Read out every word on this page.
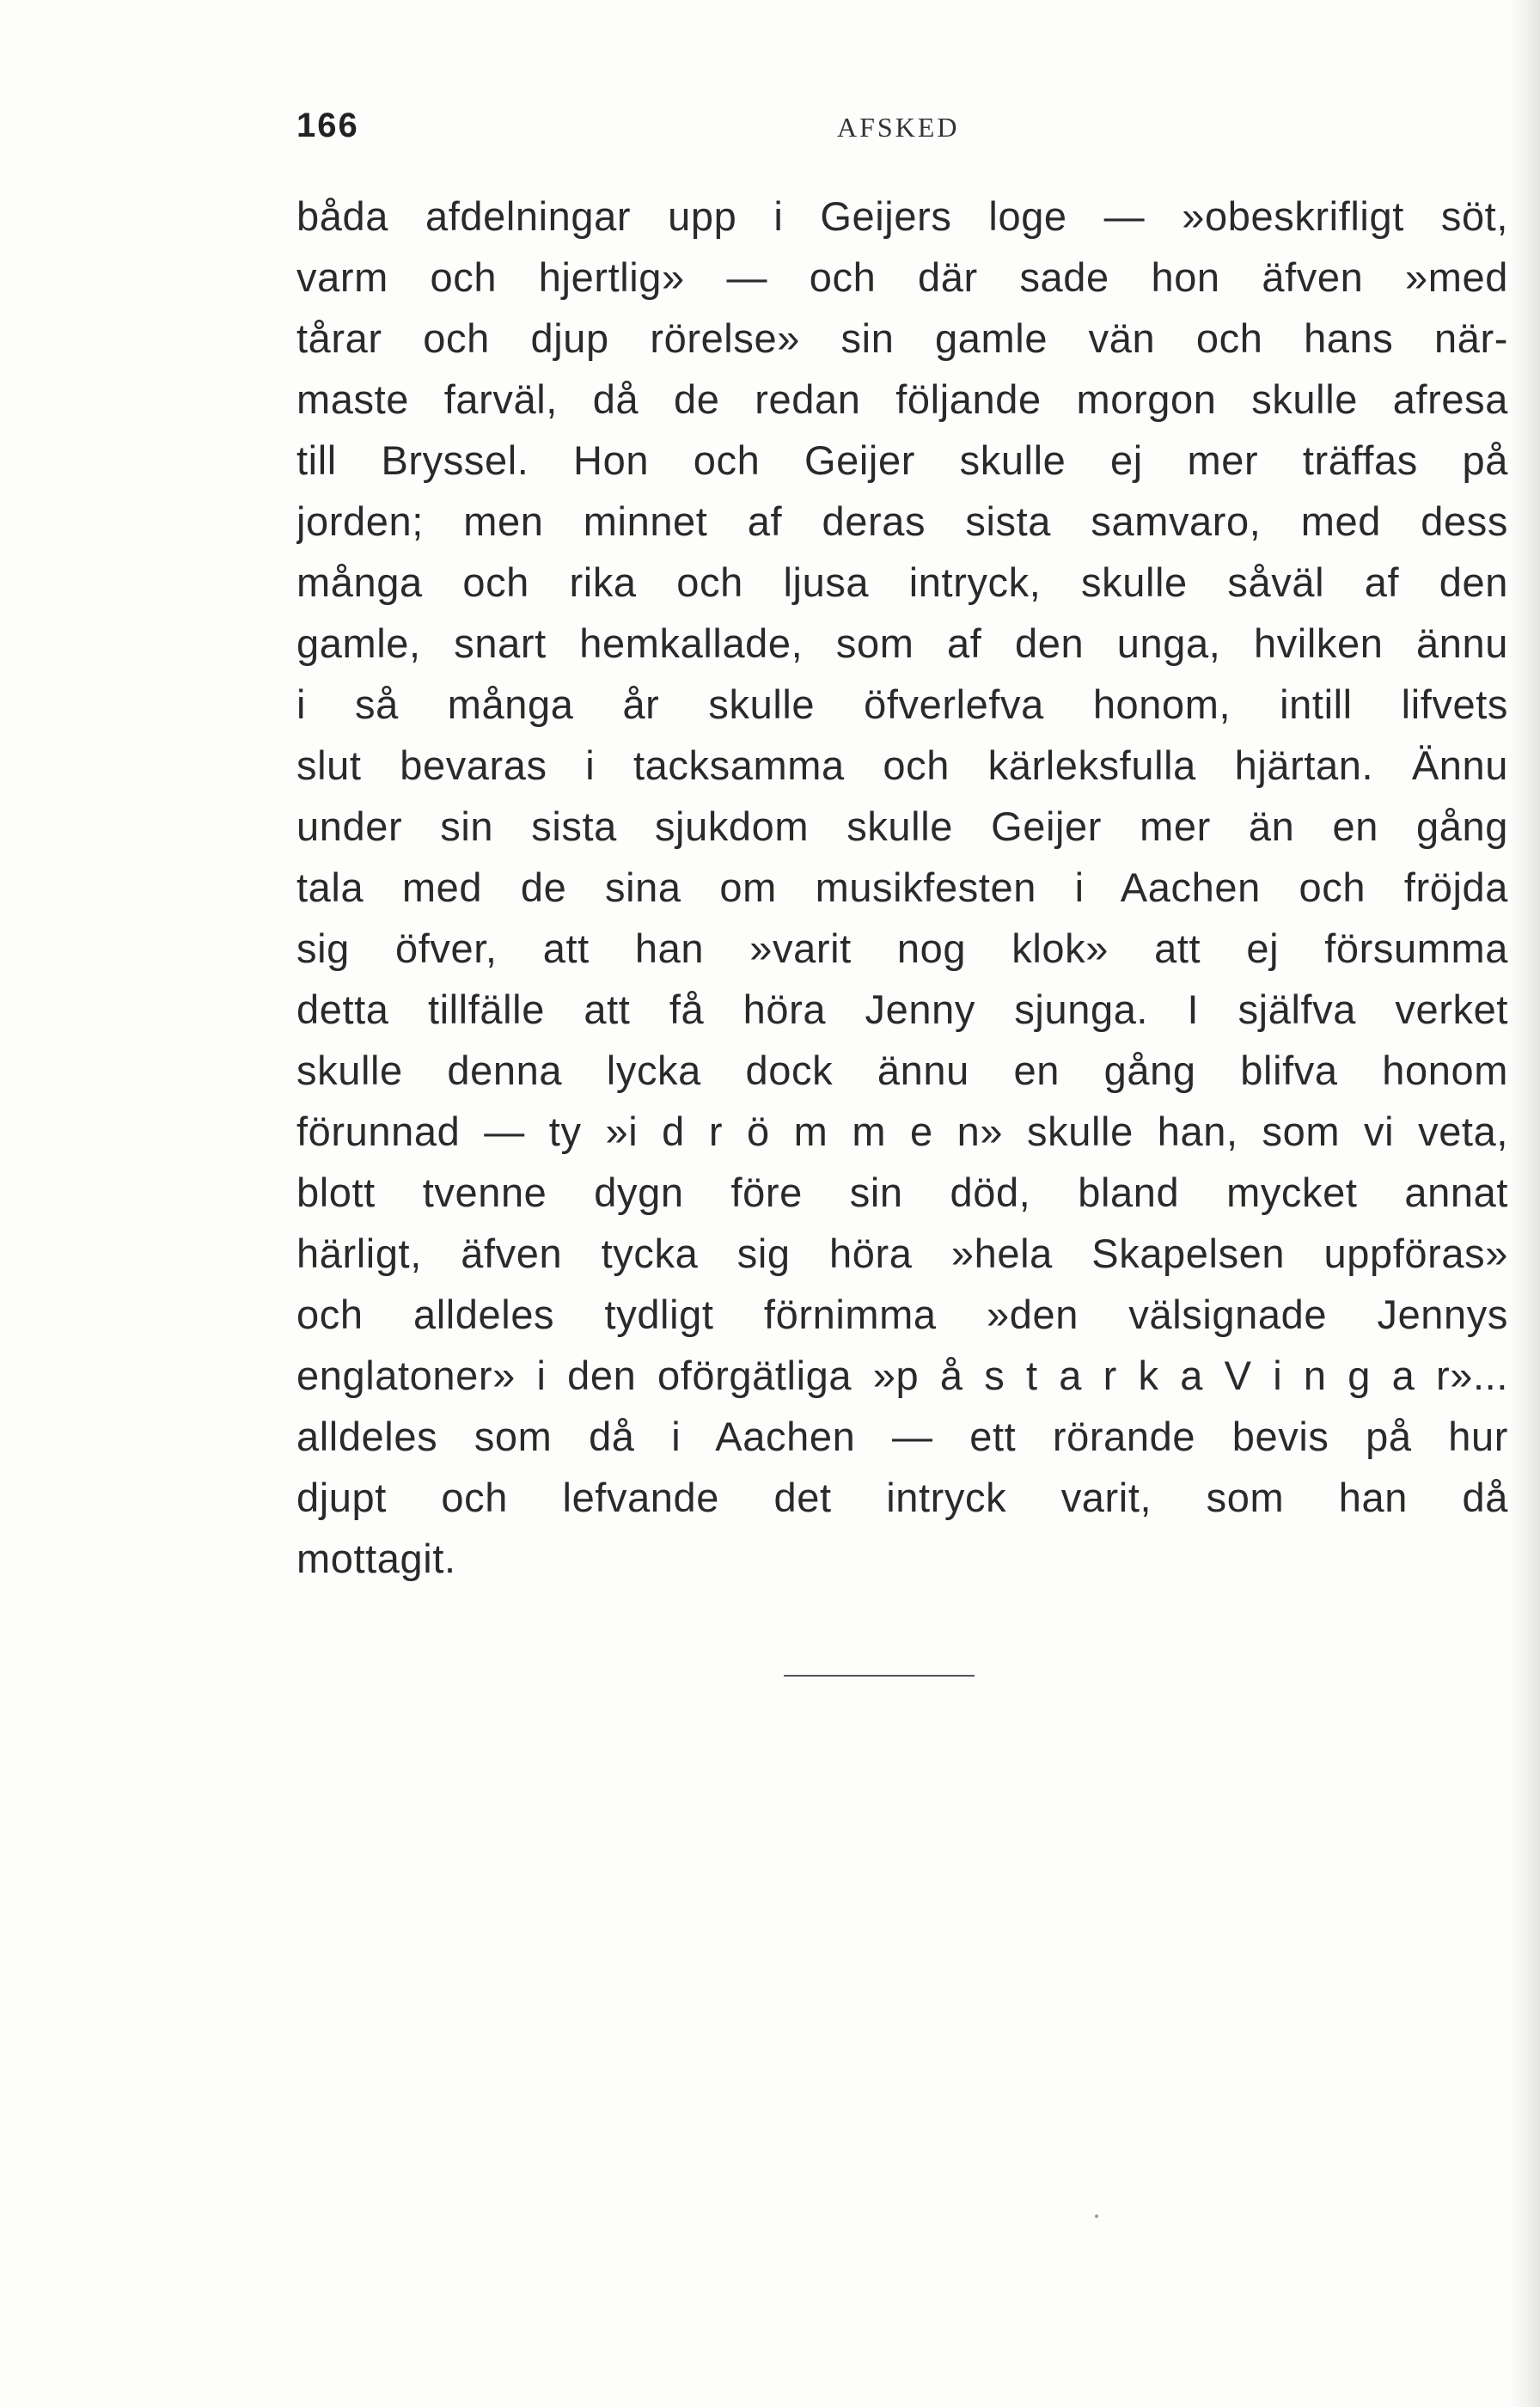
166	AFSKED
båda afdelningar upp i Geijers loge — »obeskrifligt söt,
varm och hjertlig» — och där sade hon äfven »med
tårar och djup rörelse» sin gamle vän och hans när-
maste farväl, då de redan följande morgon skulle afresa
till Bryssel. Hon och Geijer skulle ej mer träffas på
jorden; men minnet af deras sista samvaro, med dess
många och rika och ljusa intryck, skulle såväl af den
gamle, snart hemkallade, som af den unga, hvilken ännu
i så många år skulle öfverlefva honom, intill lifvets
slut bevaras i tacksamma och kärleksfulla hjärtan. Ännu
under sin sista sjukdom skulle Geijer mer än en gång
tala med de sina om musikfesten i Aachen och fröjda
sig öfver, att han »varit nog klok» att ej försumma
detta tillfälle att få höra Jenny sjunga. I själfva verket
skulle denna lycka dock ännu en gång blifva honom
förunnad — ty »i d r ö m m e n» skulle han, som vi veta,
blott tvenne dygn före sin död, bland mycket annat
härligt, äfven tycka sig höra »hela Skapelsen uppföras»
och alldeles tydligt förnimma »den välsignade Jennys
englatoner» i den oförgätliga »p å s t a r k a V i n g a r»...
alldeles som då i Aachen — ett rörande bevis på hur
djupt och lefvande det intryck varit, som han då
mottagit.
